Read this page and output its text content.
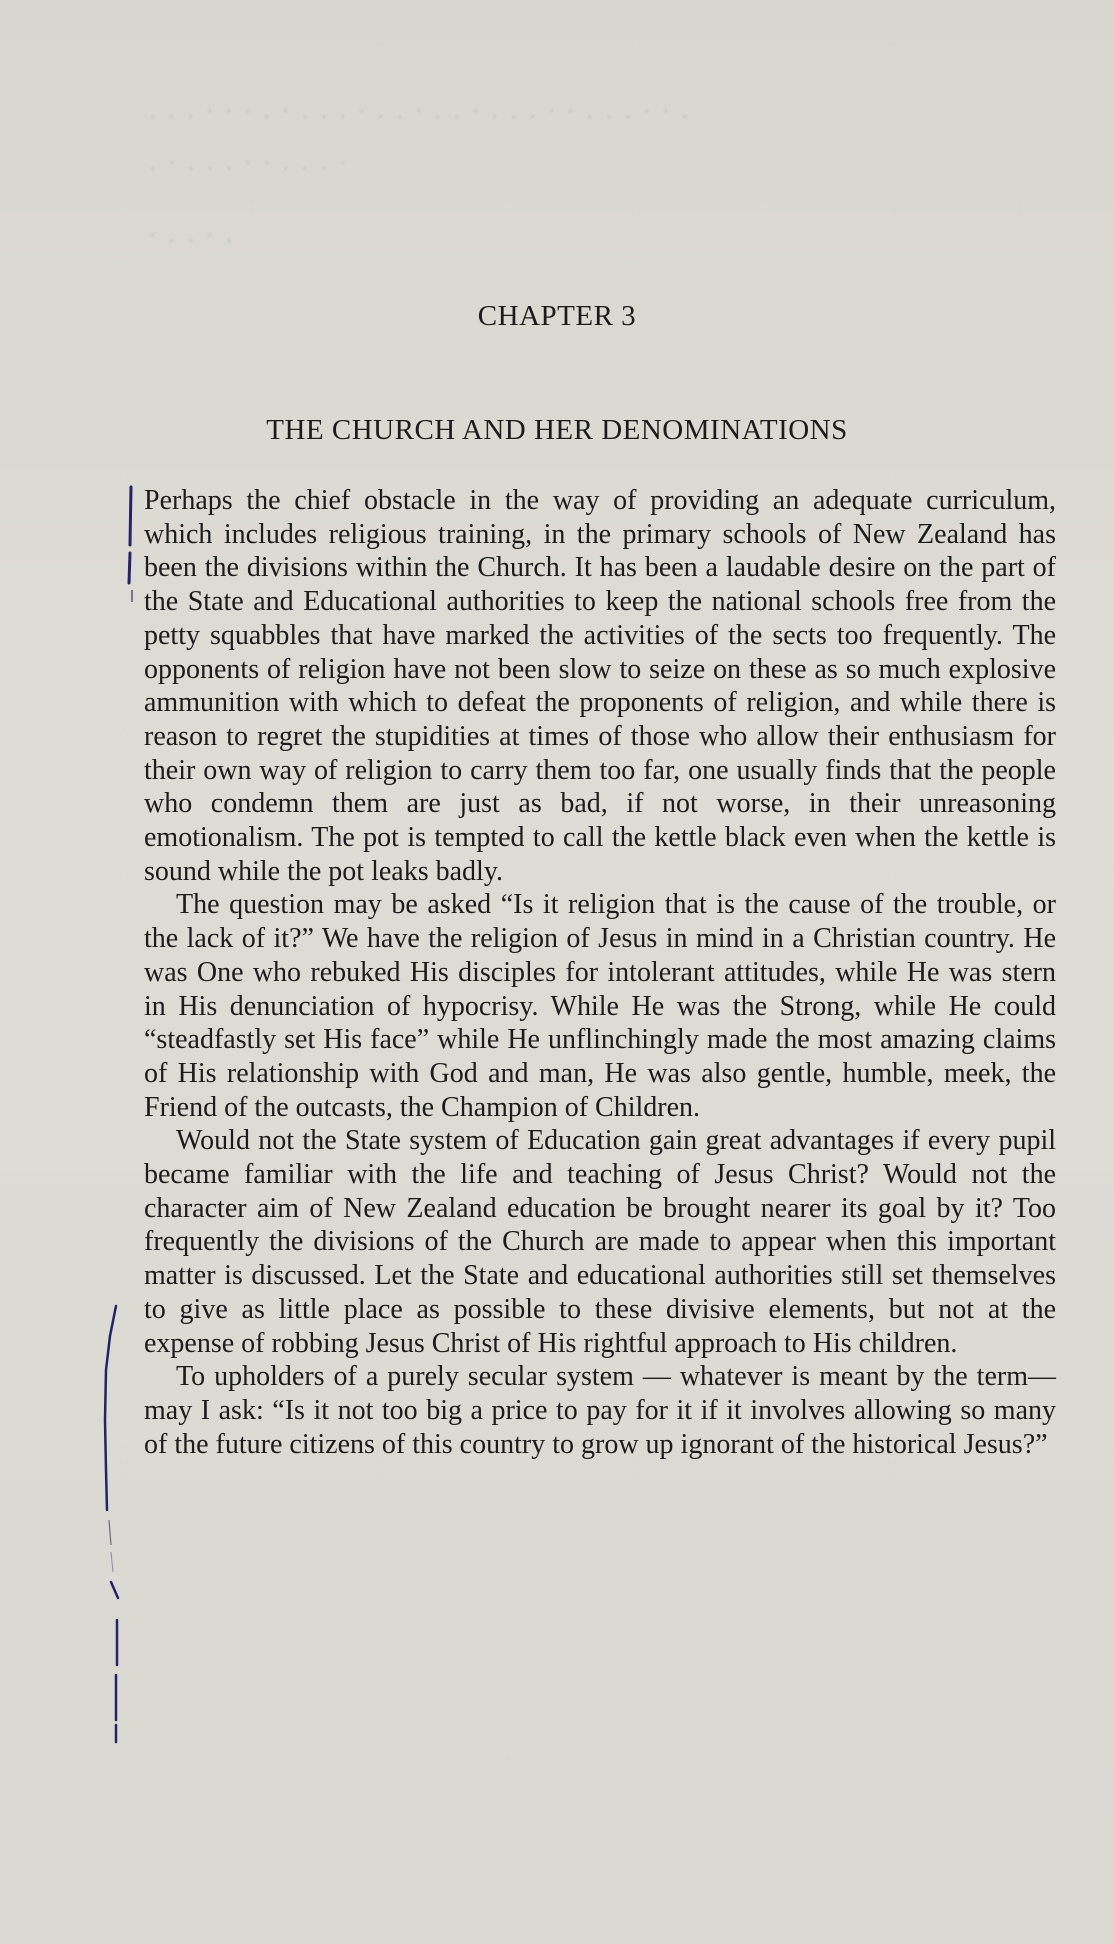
. . . ∙ ∙ ∙ . ∙ . . . ∙ . . ∙ . . ∙ . . . ∙ ∙ . . . ∙ ∙ .
. ∙ . . . ∙ ∙ . . . ∙
∙ . . ∙ .
CHAPTER 3
THE CHURCH AND HER DENOMINATIONS

Perhaps the chief obstacle in the way of providing an adequate curriculum, which includes religious training, in the primary schools of New Zealand has been the divisions within the Church. It has been a laudable desire on the part of the State and Educational authorities to keep the national schools free from the petty squabbles that have marked the activities of the sects too frequently. The opponents of religion have not been slow to seize on these as so much explosive ammunition with which to defeat the proponents of religion, and while there is reason to regret the stupidities at times of those who allow their enthusiasm for their own way of religion to carry them too far, one usually finds that the people who condemn them are just as bad, if not worse, in their unreasoning emotionalism. The pot is tempted to call the kettle black even when the kettle is sound while the pot leaks badly.

The question may be asked “Is it religion that is the cause of the trouble, or the lack of it?” We have the religion of Jesus in mind in a Christian country. He was One who rebuked His disciples for intolerant attitudes, while He was stern in His denunciation of hypocrisy. While He was the Strong, while He could “steadfastly set His face” while He unflinchingly made the most amazing claims of His relationship with God and man, He was also gentle, humble, meek, the Friend of the outcasts, the Champion of Children.

Would not the State system of Education gain great advantages if every pupil became familiar with the life and teaching of Jesus Christ? Would not the character aim of New Zealand education be brought nearer its goal by it? Too frequently the divisions of the Church are made to appear when this important matter is discussed. Let the State and educational authorities still set themselves to give as little place as possible to these divisive elements, but not at the expense of robbing Jesus Christ of His rightful approach to His children.

To upholders of a purely secular system — whatever is meant by the term—may I ask: “Is it not too big a price to pay for it if it involves allowing so many of the future citizens of this country to grow up ignorant of the historical Jesus?”
